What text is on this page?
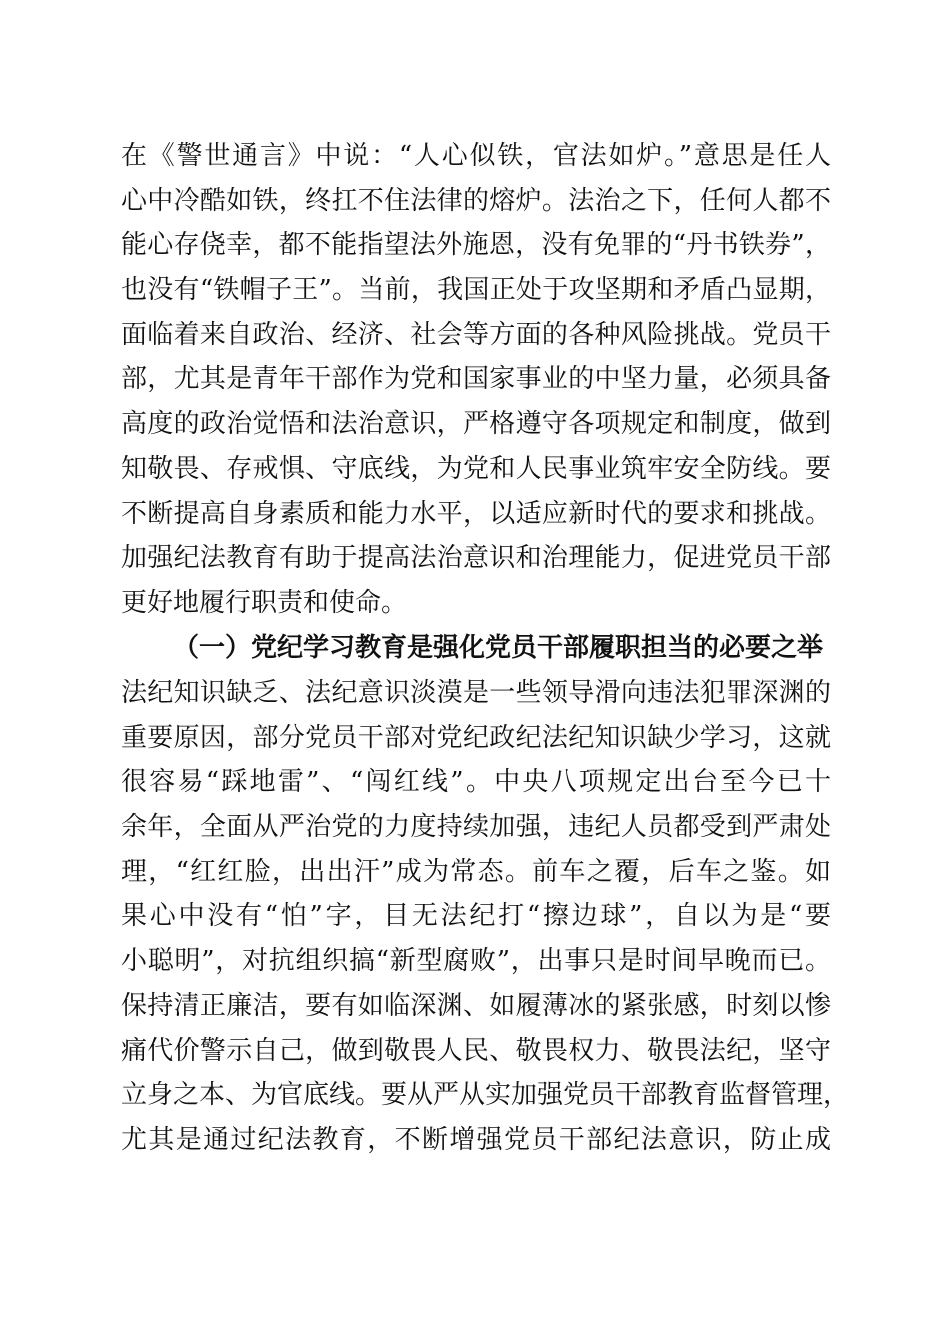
在《警世通言》中说：“人心似铁，官法如炉。”意思是任人
心中冷酷如铁，终扛不住法律的熔炉。法治之下，任何人都不
能心存侥幸，都不能指望法外施恩，没有免罪的“丹书铁券”，
也没有“铁帽子王”。当前，我国正处于攻坚期和矛盾凸显期，
面临着来自政治、经济、社会等方面的各种风险挑战。党员干
部，尤其是青年干部作为党和国家事业的中坚力量，必须具备
高度的政治觉悟和法治意识，严格遵守各项规定和制度，做到
知敬畏、存戒惧、守底线，为党和人民事业筑牢安全防线。要
不断提高自身素质和能力水平，以适应新时代的要求和挑战。
加强纪法教育有助于提高法治意识和治理能力，促进党员干部
更好地履行职责和使命。
（一）党纪学习教育是强化党员干部履职担当的必要之举
法纪知识缺乏、法纪意识淡漠是一些领导滑向违法犯罪深渊的
重要原因，部分党员干部对党纪政纪法纪知识缺少学习，这就
很容易“踩地雷”、“闯红线”。中央八项规定出台至今已十
余年，全面从严治党的力度持续加强，违纪人员都受到严肃处
理，“红红脸，出出汗”成为常态。前车之覆，后车之鉴。如
果心中没有“怕”字，目无法纪打“擦边球”，自以为是“要
小聪明”，对抗组织搞“新型腐败”，出事只是时间早晚而已。
保持清正廉洁，要有如临深渊、如履薄冰的紧张感，时刻以惨
痛代价警示自己，做到敬畏人民、敬畏权力、敬畏法纪，坚守
立身之本、为官底线。要从严从实加强党员干部教育监督管理，
尤其是通过纪法教育，不断增强党员干部纪法意识，防止成
